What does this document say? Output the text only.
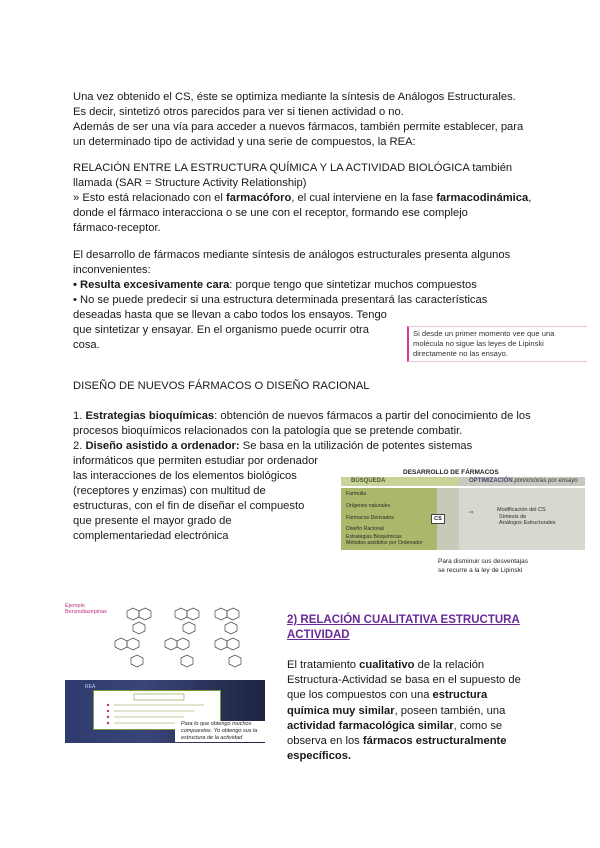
Una vez obtenido el CS, éste se optimiza mediante la síntesis de Análogos Estructurales.

Es decir, sintetizó otros parecidos para ver si tienen actividad o no.

Además de ser una vía para acceder a nuevos fármacos, también permite establecer, para

un determinado tipo de actividad y una serie de compuestos, la REA:

RELACIÓN ENTRE LA ESTRUCTURA QUÍMICA Y LA ACTIVIDAD BIOLÓGICA también

llamada (SAR = Structure Activity Relationship)

» Esto está relacionado con el farmacóforo, el cual interviene en la fase farmacodinámica,

donde el fármaco interacciona o se une con el receptor, formando ese complejo

fármaco-receptor.

El desarrollo de fármacos mediante síntesis de análogos estructurales presenta algunos

inconvenientes:

• Resulta excesivamente cara: porque tengo que sintetizar muchos compuestos

• No se puede predecir si una estructura determinada presentará las características

deseadas hasta que se llevan a cabo todos los ensayos. Tengo

que sintetizar y ensayar. En el organismo puede ocurrir otra

cosa.

Si desde un primer momento vee que una

molécula no sigue las leyes de Lipinski

directamente no las ensayo.

DISEÑO DE NUEVOS FÁRMACOS O DISEÑO RACIONAL

1. Estrategias bioquímicas: obtención de nuevos fármacos a partir del conocimiento de los

procesos bioquímicos relacionados con la patología que se pretende combatir.

2. Diseño asistido a ordenador: Se basa en la utilización de potentes sistemas

informáticos que permiten estudiar por ordenador

las interacciones de los elementos biológicos

(receptores y enzimas) con multitud de

estructuras, con el fin de diseñar el compuesto

que presente el mayor grado de

complementariedad electrónica

DESARROLLO DE FÁRMACOS
BÚSQUEDA	OPTIMIZACIÓN pnn/x/x/x/as por ensayo
Farmulla
Orígenes naturales
Fármacos Derivados
Diseño Racional
Estrategias Bioquímicas
Métodos asistidos por Ordenador
⇨	Modificación del CS
Síntesis de
Análogos Estructurales
CS

Para disminuir sus desventajas

se recurre a la ley de Lipinski

Ejemplo

Benzodiazepinas

REA

Para lo que obtengo muchos

compuestos. Yo obtengo sus la

estructura de la actividad

2) RELACIÓN CUALITATIVA ESTRUCTURA

ACTIVIDAD

El tratamiento cualitativo de la relación

Estructura-Actividad se basa en el supuesto de

que los compuestos con una estructura

química muy similar, poseen también, una

actividad farmacológica similar, como se

observa en los fármacos estructuralmente

específicos.
